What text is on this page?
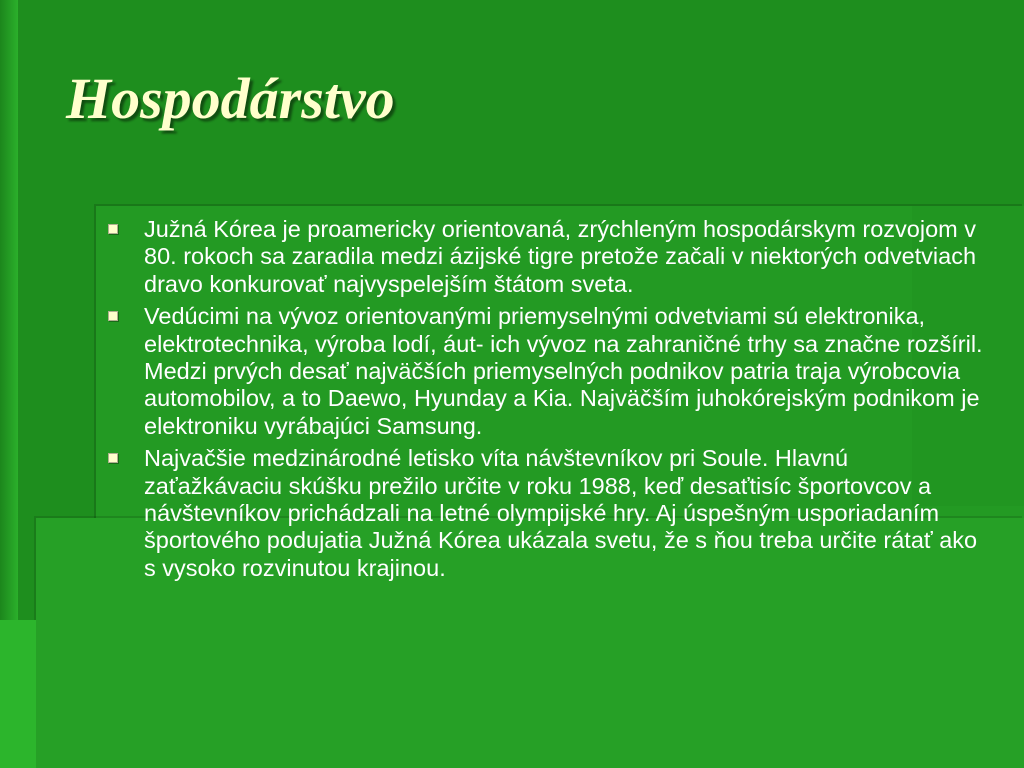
Hospodárstvo
Južná Kórea je proamericky orientovaná, zrýchleným hospodárskym rozvojom v 80. rokoch sa zaradila medzi ázijské tigre pretože začali v niektorých odvetviach dravo konkurovať najvyspelejším štátom sveta.
Vedúcimi na vývoz orientovanými priemyselnými odvetviami sú elektronika, elektrotechnika, výroba lodí, áut- ich vývoz na zahraničné trhy sa značne rozšíril. Medzi prvých desať najväčších priemyselných podnikov patria traja výrobcovia automobilov, a to Daewo, Hyunday a Kia. Najväčším juhokórejským podnikom je elektroniku vyrábajúci Samsung.
Najvačšie medzinárodné letisko víta návštevníkov pri Soule. Hlavnú zaťažkávaciu skúšku prežilo určite v roku 1988, keď desaťtisíc športovcov a návštevníkov prichádzali na letné olympijské hry. Aj úspešným usporiadaním športového podujatia Južná Kórea ukázala svetu, že s ňou treba určite rátať ako s vysoko rozvinutou krajinou.
